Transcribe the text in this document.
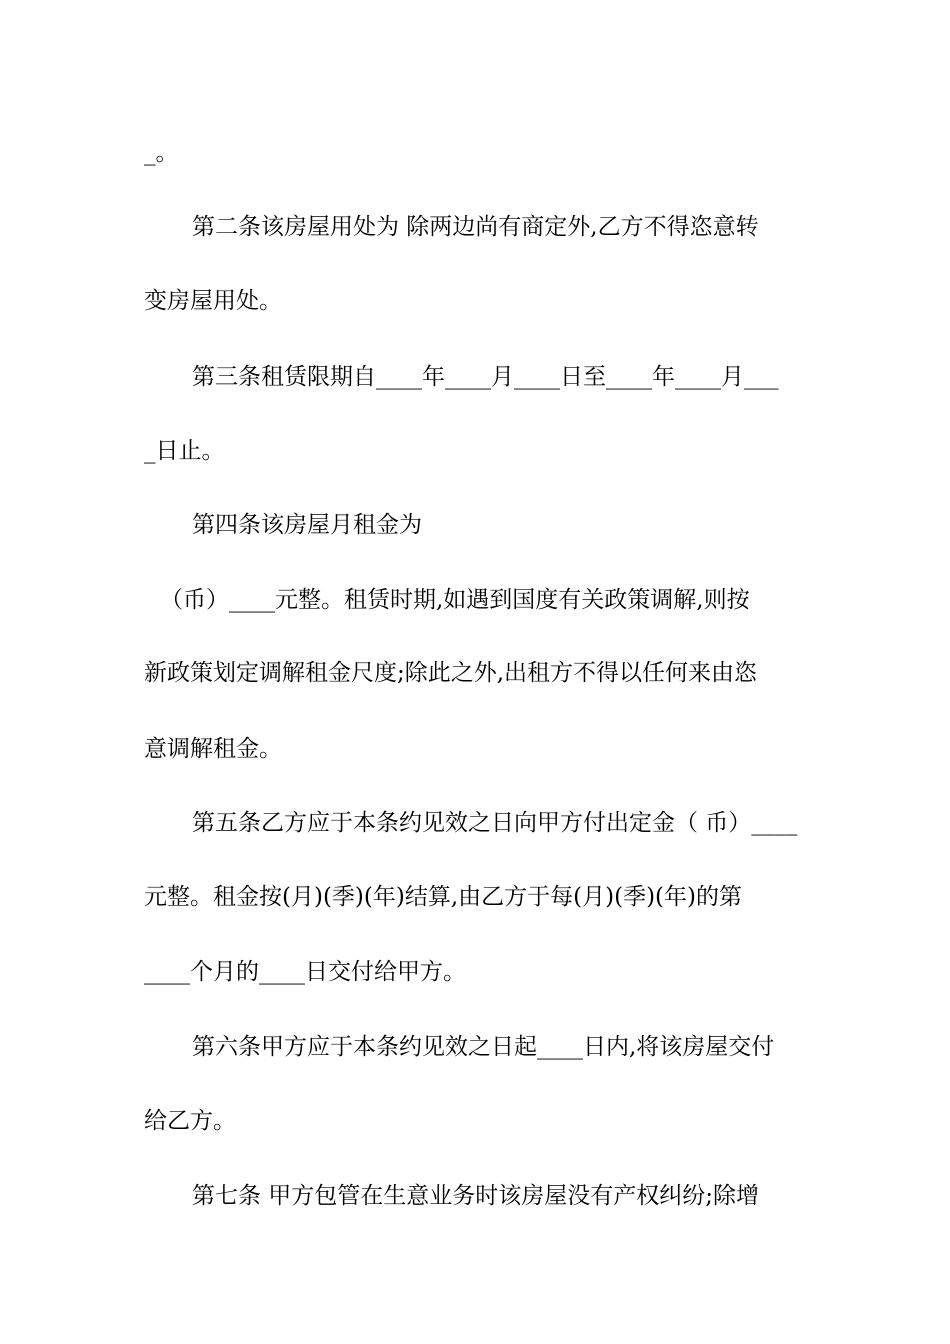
_。
第二条该房屋用处为 除两边尚有商定外,乙方不得恣意转
变房屋用处。
第三条租赁限期自____年____月____日至____年____月___
_日止。
第四条该房屋月租金为
（币）____元整。租赁时期,如遇到国度有关政策调解,则按
新政策划定调解租金尺度;除此之外,出租方不得以任何来由恣
意调解租金。
第五条乙方应于本条约见效之日向甲方付出定金（ 币）____
元整。租金按(月)(季)(年)结算,由乙方于每(月)(季)(年)的第
____个月的____日交付给甲方。
第六条甲方应于本条约见效之日起____日内,将该房屋交付
给乙方。
第七条 甲方包管在生意业务时该房屋没有产权纠纷;除增
